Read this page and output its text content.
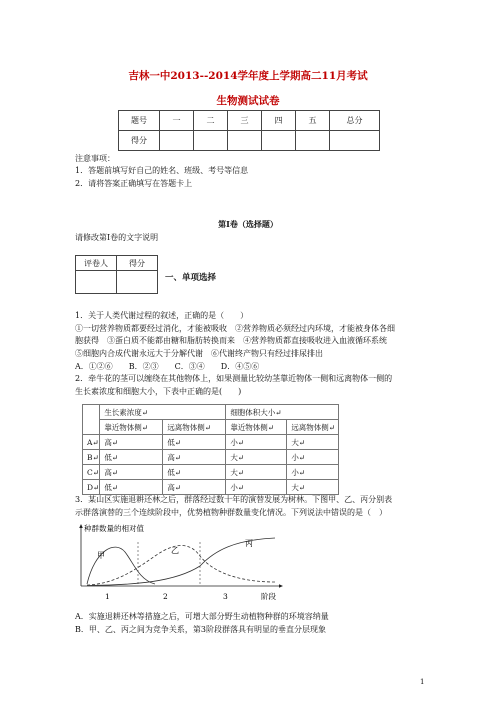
吉林一中2013--2014学年度上学期高二11月考试
生物测试试卷
题号	一	二	三	四	五	总分
得分						
注意事项：
1．答题前填写好自己的姓名、班级、考号等信息
2．请将答案正确填写在答题卡上
第I卷（选择题）
请修改第I卷的文字说明
评卷人	得分

一、单项选择
1．关于人类代谢过程的叙述，正确的是（　　）
①一切营养物质都要经过消化，才能被吸收　②营养物质必须经过内环境，才能被身体各细
胞获得　③蛋白质不能都由糖和脂肪转换而来　④营养物质都直接吸收进入血液循环系统
⑤细胞内合成代谢永远大于分解代谢　⑥代谢终产物只有经过排尿排出
A．①②⑥　　B．②③　　C．③④　　D．④⑤⑥
2．牵牛花的茎可以缠绕在其他物体上，如果测量比较幼茎靠近物体一侧和远离物体一侧的
生长素浓度和细胞大小，下表中正确的是(　　)
	生长素浓度↵		细胞体积大小↵	
	靠近物体侧↵	远离物体侧↵	靠近物体侧↵	远离物体侧↵
A↵	高↵	低↵	小↵	大↵
B↵	低↵	高↵	大↵	小↵
C↵	高↵	低↵	大↵	小↵
D↵	低↵	高↵	小↵	大↵
3．某山区实施退耕还林之后，群落经过数十年的演替发展为树林。下图甲、乙、丙分别表
示群落演替的三个连续阶段中，优势植物种群数量变化情况。下列说法中错误的是（　）
种群数量的相对值
阶段
1	2	3
甲
乙
丙
A．实施退耕还林等措施之后，可增大部分野生动植物种群的环境容纳量
B．甲、乙、丙之间为竞争关系，第3阶段群落具有明显的垂直分层现象
1
